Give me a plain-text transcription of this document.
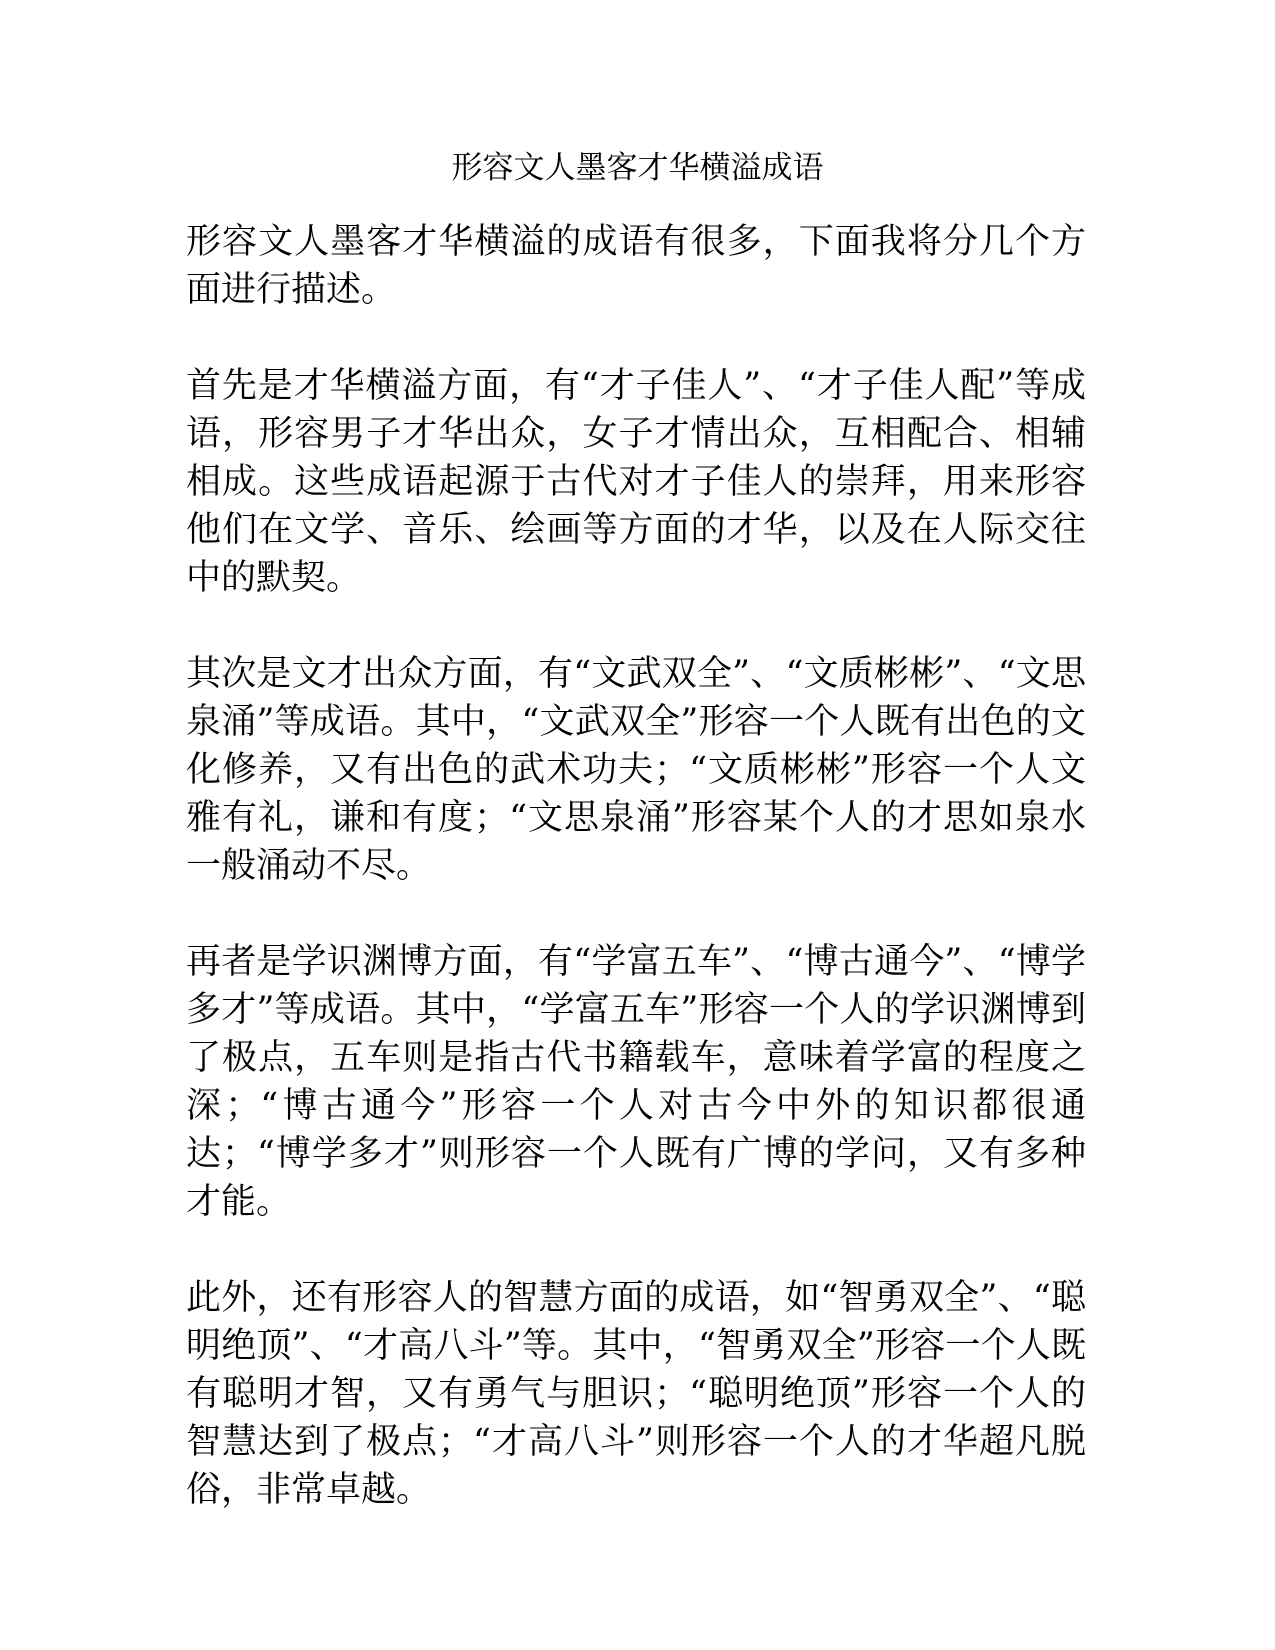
形容文人墨客才华横溢成语

形容文人墨客才华横溢的成语有很多，下面我将分几个方面进行描述。

首先是才华横溢方面，有“才子佳人”、“才子佳人配”等成语，形容男子才华出众，女子才情出众，互相配合、相辅相成。这些成语起源于古代对才子佳人的崇拜，用来形容他们在文学、音乐、绘画等方面的才华，以及在人际交往中的默契。

其次是文才出众方面，有“文武双全”、“文质彬彬”、“文思泉涌”等成语。其中，“文武双全”形容一个人既有出色的文化修养，又有出色的武术功夫；“文质彬彬”形容一个人文雅有礼，谦和有度；“文思泉涌”形容某个人的才思如泉水一般涌动不尽。

再者是学识渊博方面，有“学富五车”、“博古通今”、“博学多才”等成语。其中，“学富五车”形容一个人的学识渊博到了极点，五车则是指古代书籍载车，意味着学富的程度之深；“博古通今”形容一个人对古今中外的知识都很通达；“博学多才”则形容一个人既有广博的学问，又有多种才能。

此外，还有形容人的智慧方面的成语，如“智勇双全”、“聪明绝顶”、“才高八斗”等。其中，“智勇双全”形容一个人既有聪明才智，又有勇气与胆识；“聪明绝顶”形容一个人的智慧达到了极点；“才高八斗”则形容一个人的才华超凡脱俗，非常卓越。
